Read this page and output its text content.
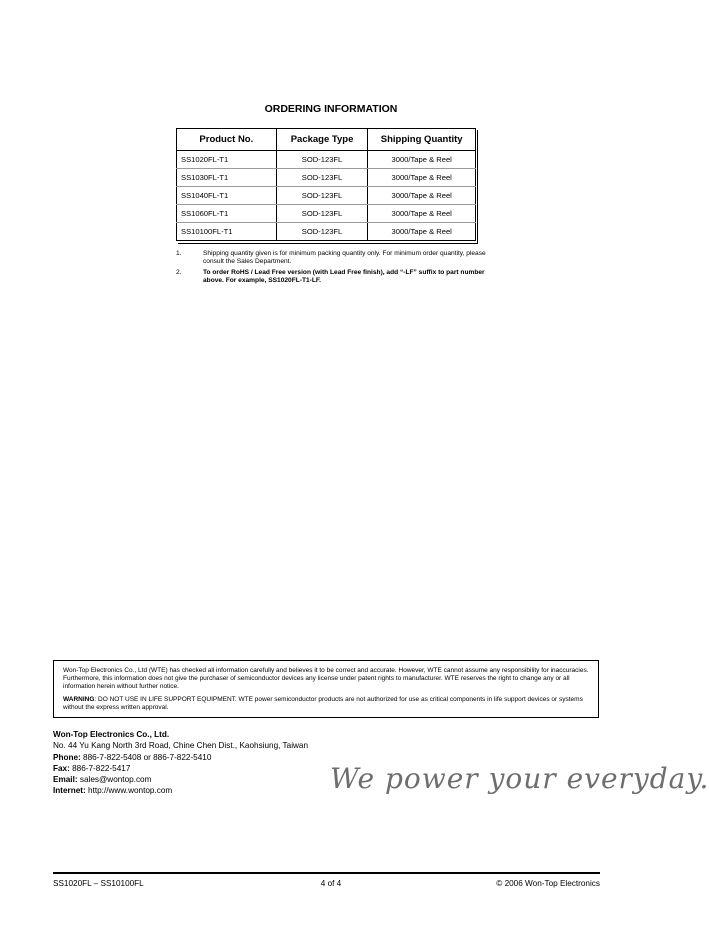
ORDERING INFORMATION
Product No.	Package Type	Shipping Quantity
SS1020FL-T1	SOD-123FL	3000/Tape & Reel
SS1030FL-T1	SOD-123FL	3000/Tape & Reel
SS1040FL-T1	SOD-123FL	3000/Tape & Reel
SS1060FL-T1	SOD-123FL	3000/Tape & Reel
SS10100FL-T1	SOD-123FL	3000/Tape & Reel
1.	Shipping quantity given is for minimum packing quantity only. For minimum order quantity, please consult the Sales Department.
2.	To order RoHS / Lead Free version (with Lead Free finish), add “-LF” suffix to part number above. For example, SS1020FL-T1-LF.

Won-Top Electronics Co., Ltd (WTE) has checked all information carefully and believes it to be correct and accurate. However, WTE cannot assume any responsibility for inaccuracies. Furthermore, this information does not give the purchaser of semiconductor devices any license under patent rights to manufacturer. WTE reserves the right to change any or all information herein without further notice.

WARNING: DO NOT USE IN LIFE SUPPORT EQUIPMENT. WTE power semiconductor products are not authorized for use as critical components in life support devices or systems without the express written approval.

Won-Top Electronics Co., Ltd.
No. 44 Yu Kang North 3rd Road, Chine Chen Dist., Kaohsiung, Taiwan
Phone: 886-7-822-5408 or 886-7-822-5410
Fax: 886-7-822-5417
Email: sales@wontop.com
Internet: http://www.wontop.com	We power your everyday.
SS1020FL – SS10100FL	4 of 4	© 2006 Won-Top Electronics
